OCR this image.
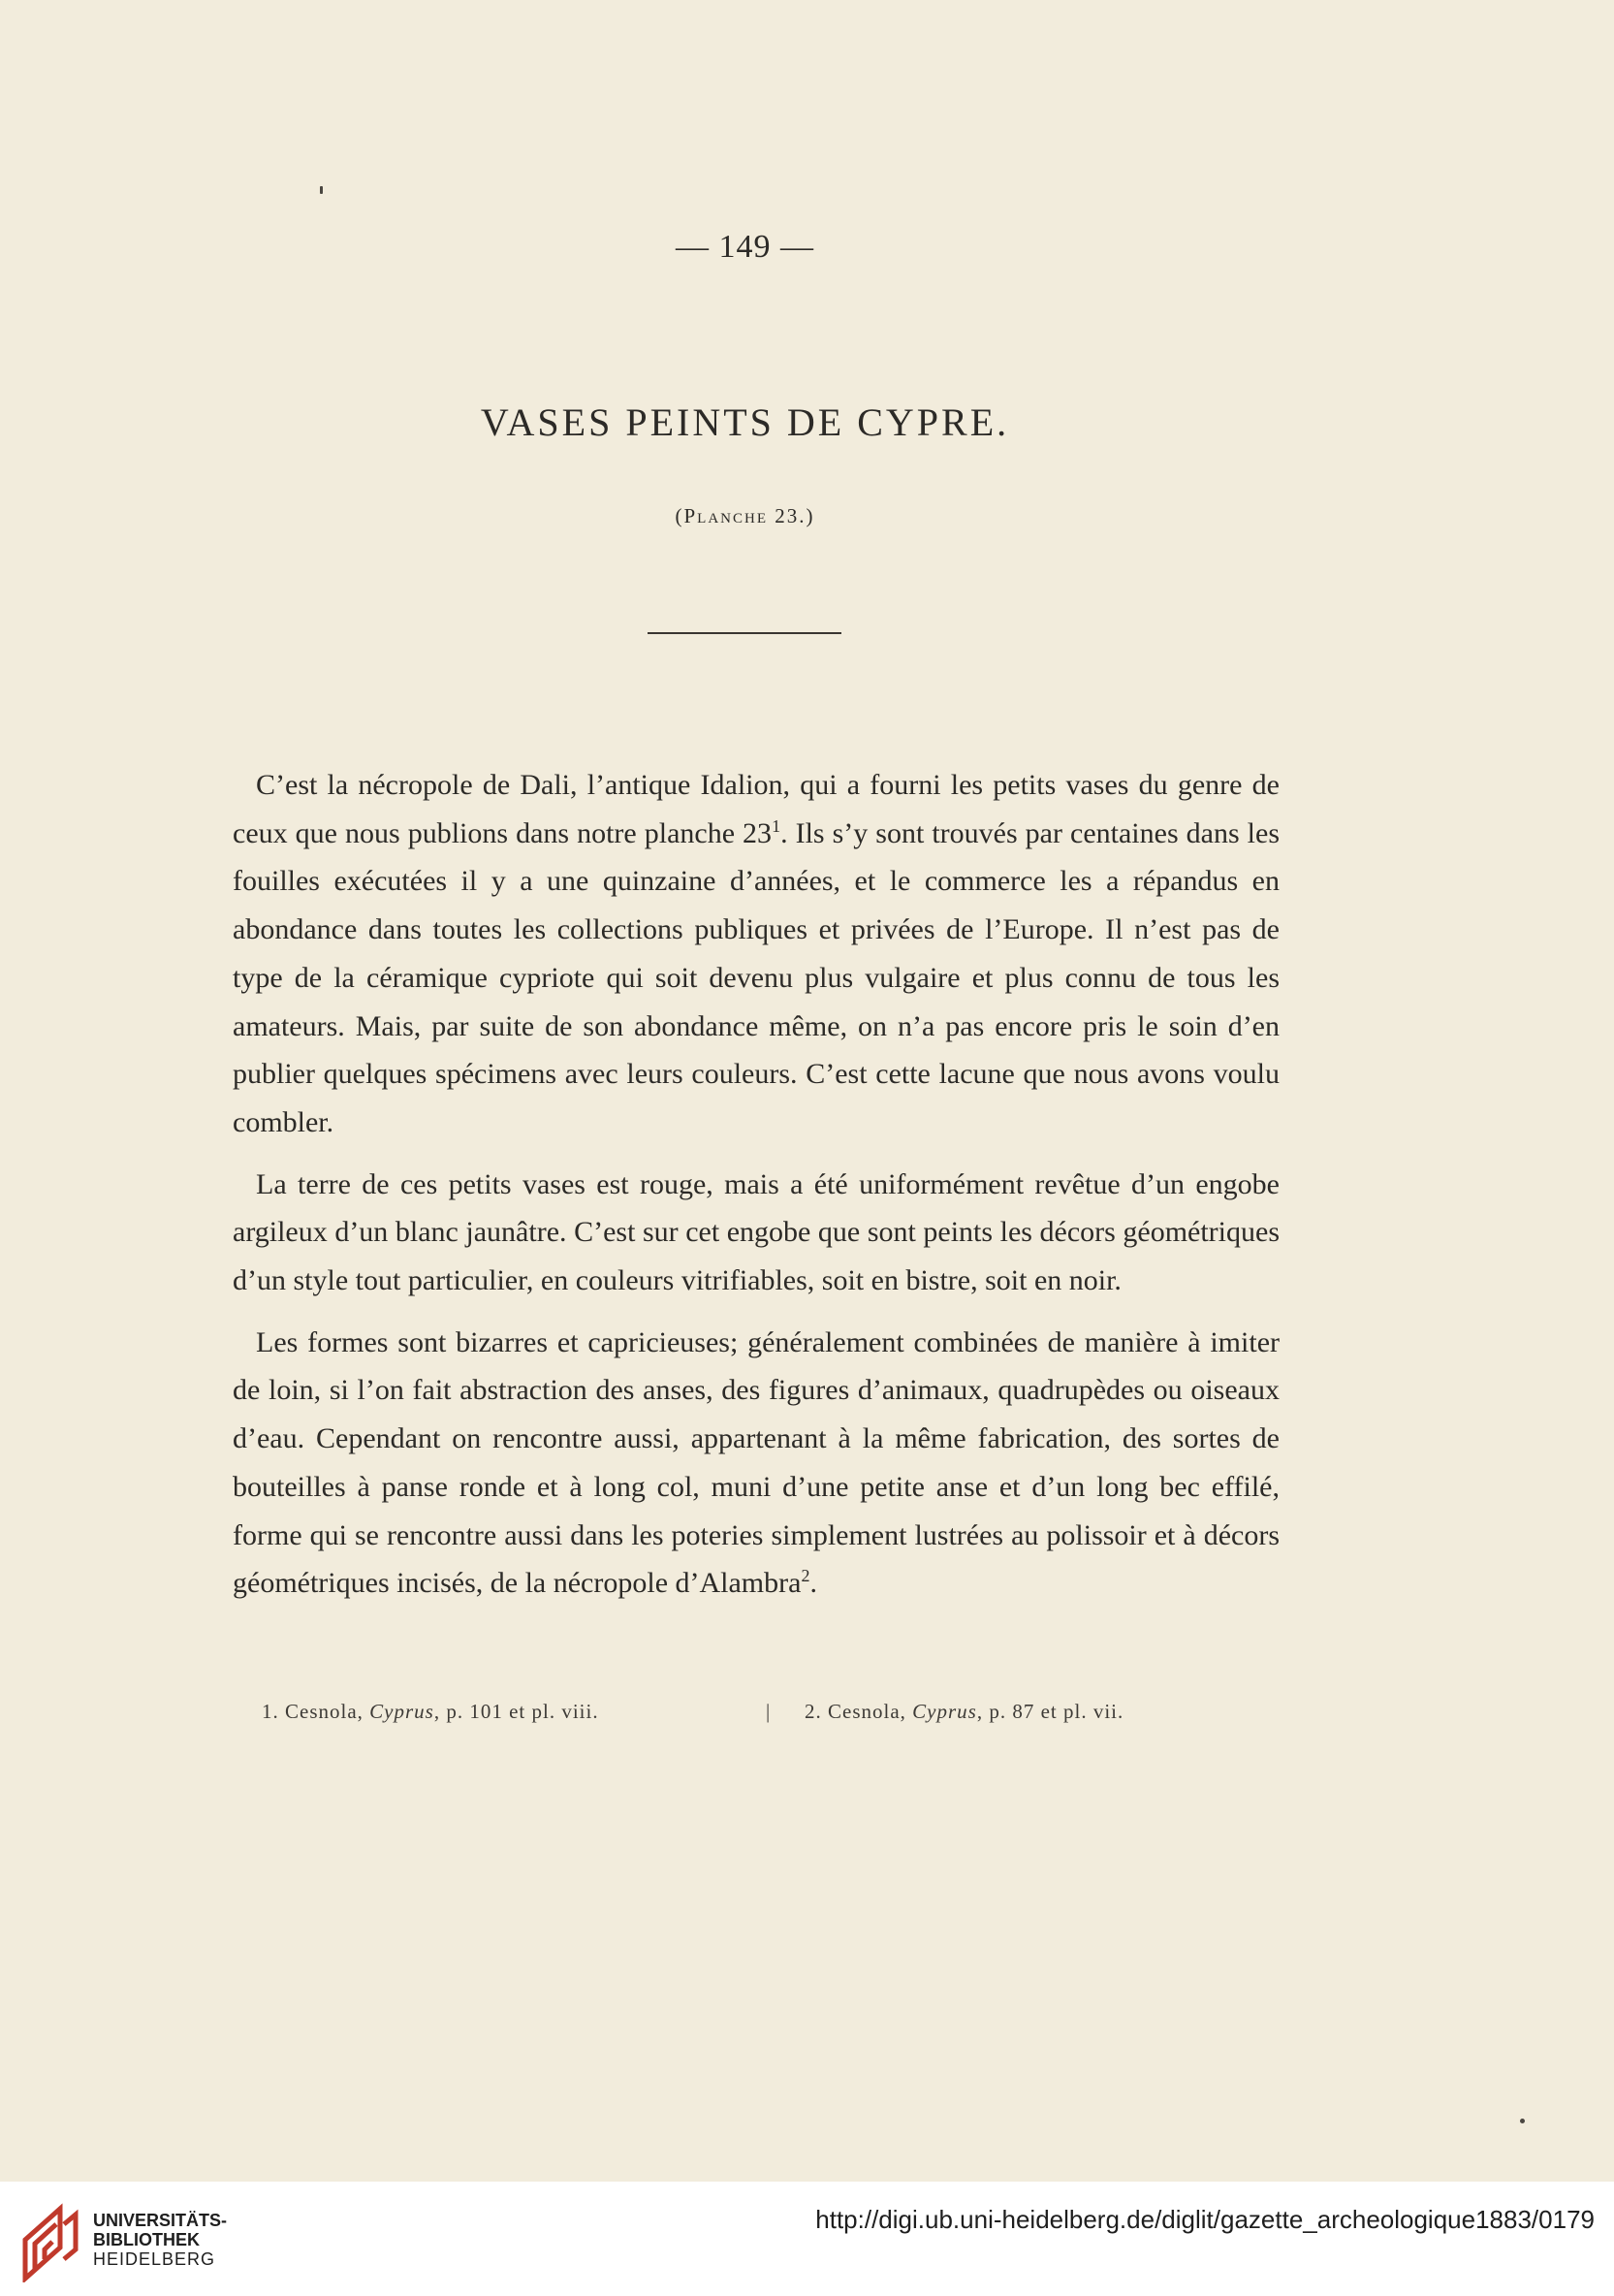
— 149 —
VASES PEINTS DE CYPRE.
(Planche 23.)

C’est la nécropole de Dali, l’antique Idalion, qui a fourni les petits vases du genre de ceux que nous publions dans notre planche $23^1$. Ils s’y sont trouvés par centaines dans les fouilles exécutées il y a une quinzaine d’années, et le commerce les a répandus en abondance dans toutes les collections publiques et privées de l’Europe. Il n’est pas de type de la céramique cypriote qui soit devenu plus vulgaire et plus connu de tous les amateurs. Mais, par suite de son abondance même, on n’a pas encore pris le soin d’en publier quelques spécimens avec leurs couleurs. C’est cette lacune que nous avons voulu combler.

La terre de ces petits vases est rouge, mais a été uniformément revêtue d’un engobe argileux d’un blanc jaunâtre. C’est sur cet engobe que sont peints les décors géométriques d’un style tout particulier, en couleurs vitrifiables, soit en bistre, soit en noir.

Les formes sont bizarres et capricieuses; généralement combinées de manière à imiter de loin, si l’on fait abstraction des anses, des figures d’animaux, quadrupèdes ou oiseaux d’eau. Cependant on rencontre aussi, appartenant à la même fabrication, des sortes de bouteilles à panse ronde et à long col, muni d’une petite anse et d’un long bec effilé, forme qui se rencontre aussi dans les poteries simplement lustrées au polissoir et à décors géométriques incisés, de la nécropole d’Alambra$^2$.

1. Cesnola, Cyprus, p. 101 et pl. viii.	| 2. Cesnola, Cyprus, p. 87 et pl. vii.
UNIVERSITÄTS-
BIBLIOTHEK
HEIDELBERG
http://digi.ub.uni-heidelberg.de/diglit/gazette_archeologique1883/0179
